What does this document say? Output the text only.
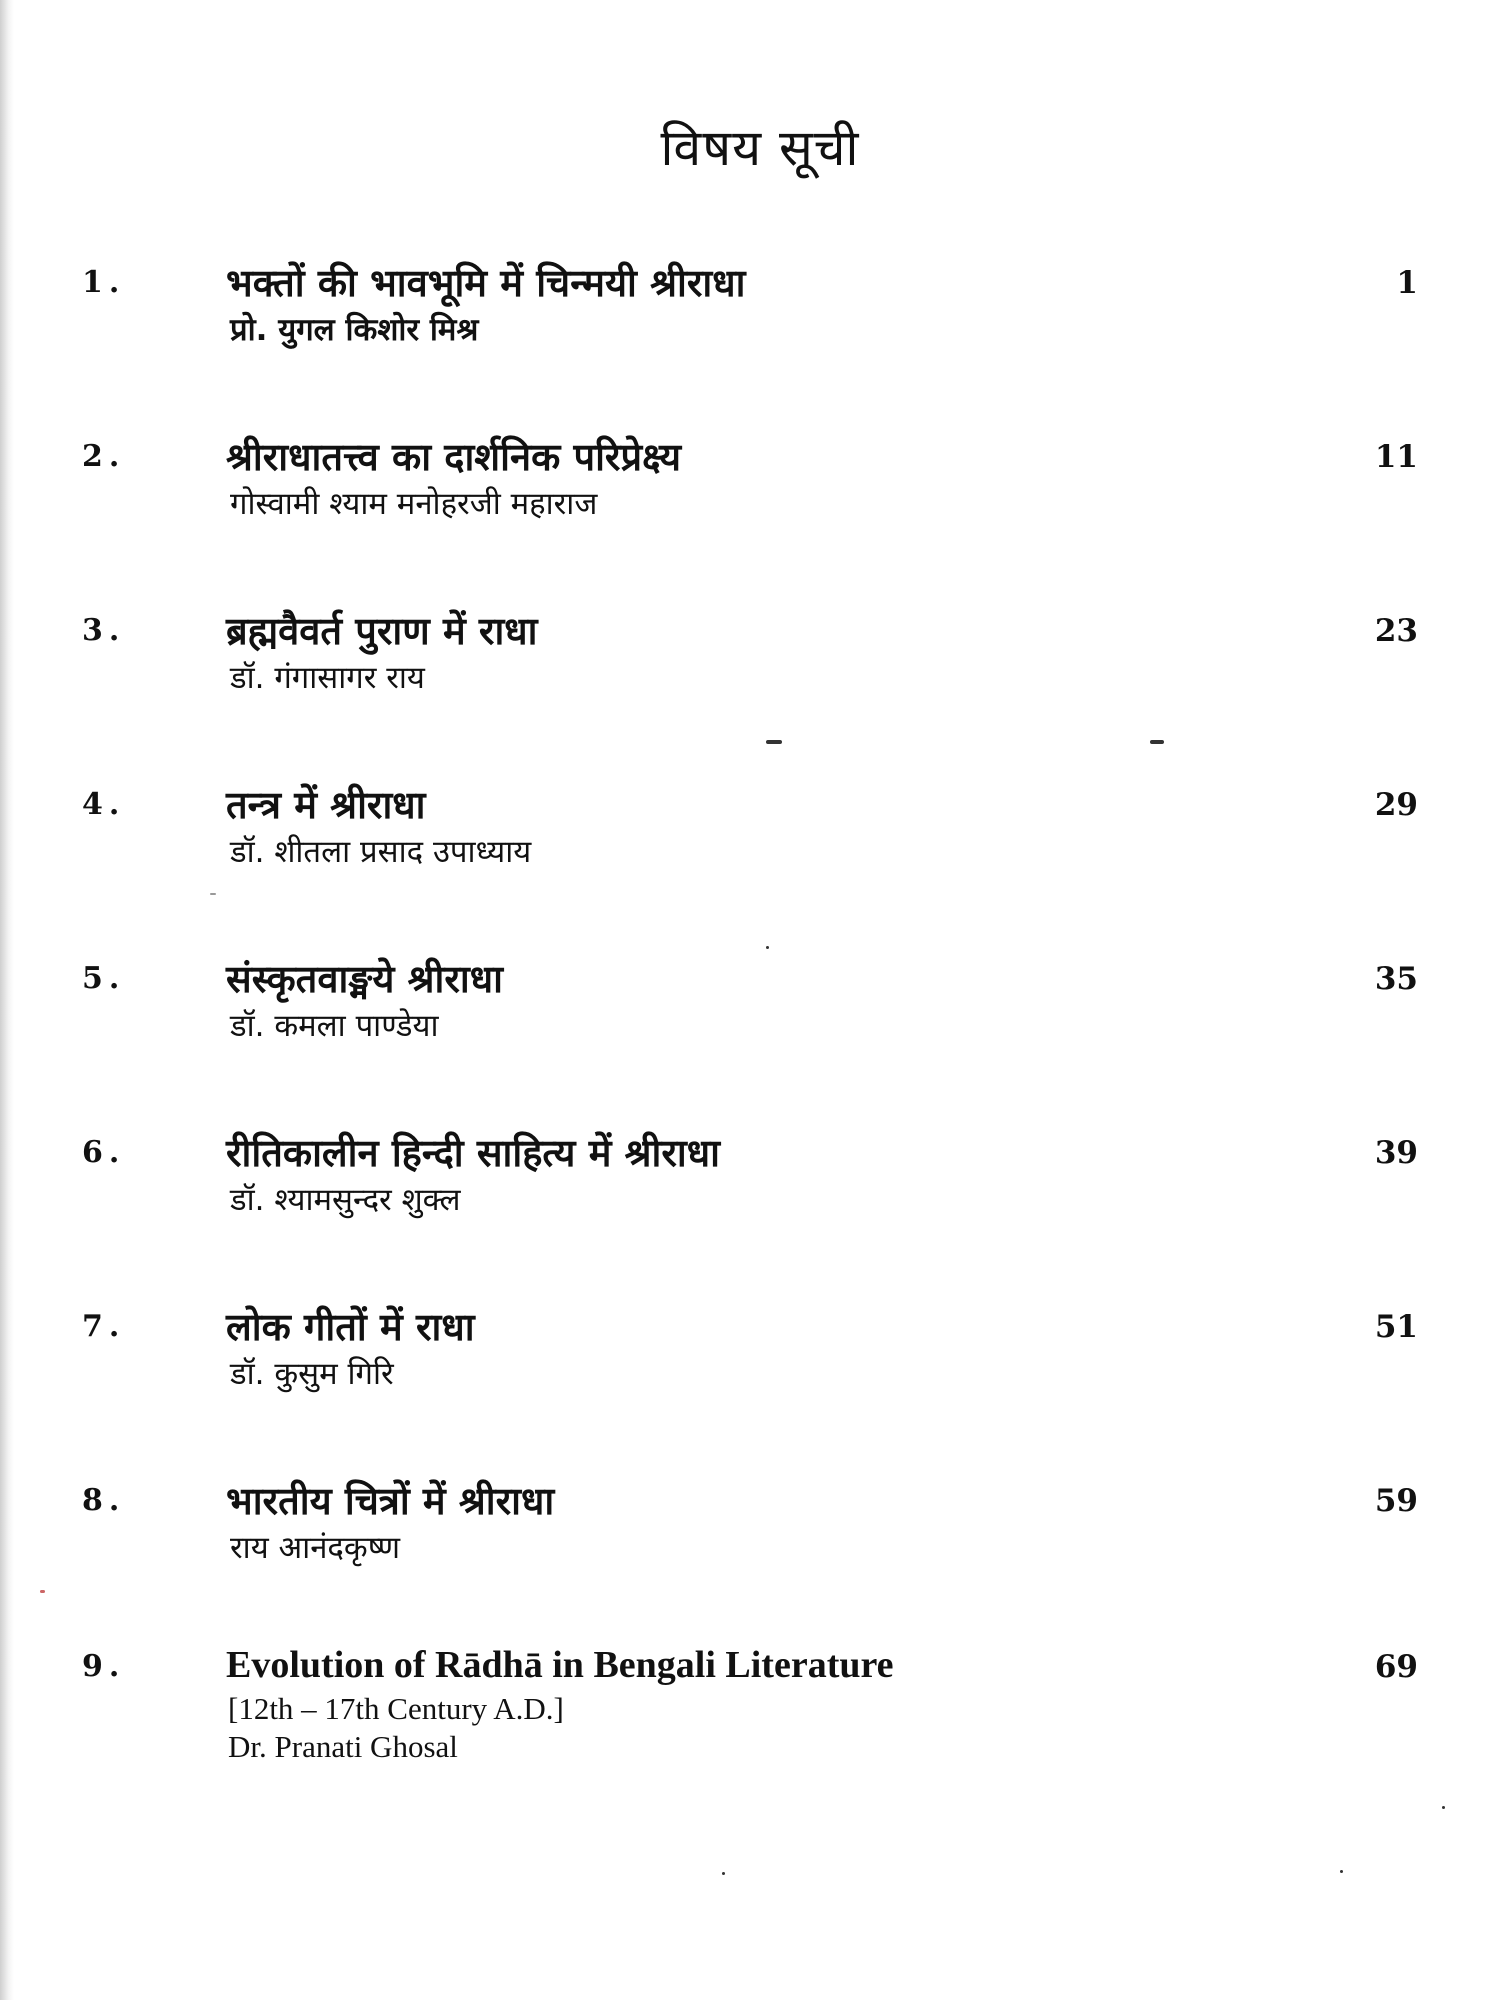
विषय सूची
1.	भक्तों की भावभूमि में चिन्मयी श्रीराधा
प्रो. युगल किशोर मिश्र
1
2.	श्रीराधातत्त्व का दार्शनिक परिप्रेक्ष्य
गोस्वामी श्याम मनोहरजी महाराज
11
3.	ब्रह्मवैवर्त पुराण में राधा
डॉ. गंगासागर राय
23
4.	तन्त्र में श्रीराधा
डॉ. शीतला प्रसाद उपाध्याय
29
5.	संस्कृतवाङ्मये श्रीराधा
डॉ. कमला पाण्डेया
35
6.	रीतिकालीन हिन्दी साहित्य में श्रीराधा
डॉ. श्यामसुन्दर शुक्ल
39
7.	लोक गीतों में राधा
डॉ. कुसुम गिरि
51
8.	भारतीय चित्रों में श्रीराधा
राय आनंदकृष्ण
59
9.	Evolution of Rādhā in Bengali Literature
[12th – 17th Century A.D.]
Dr. Pranati Ghosal
69
